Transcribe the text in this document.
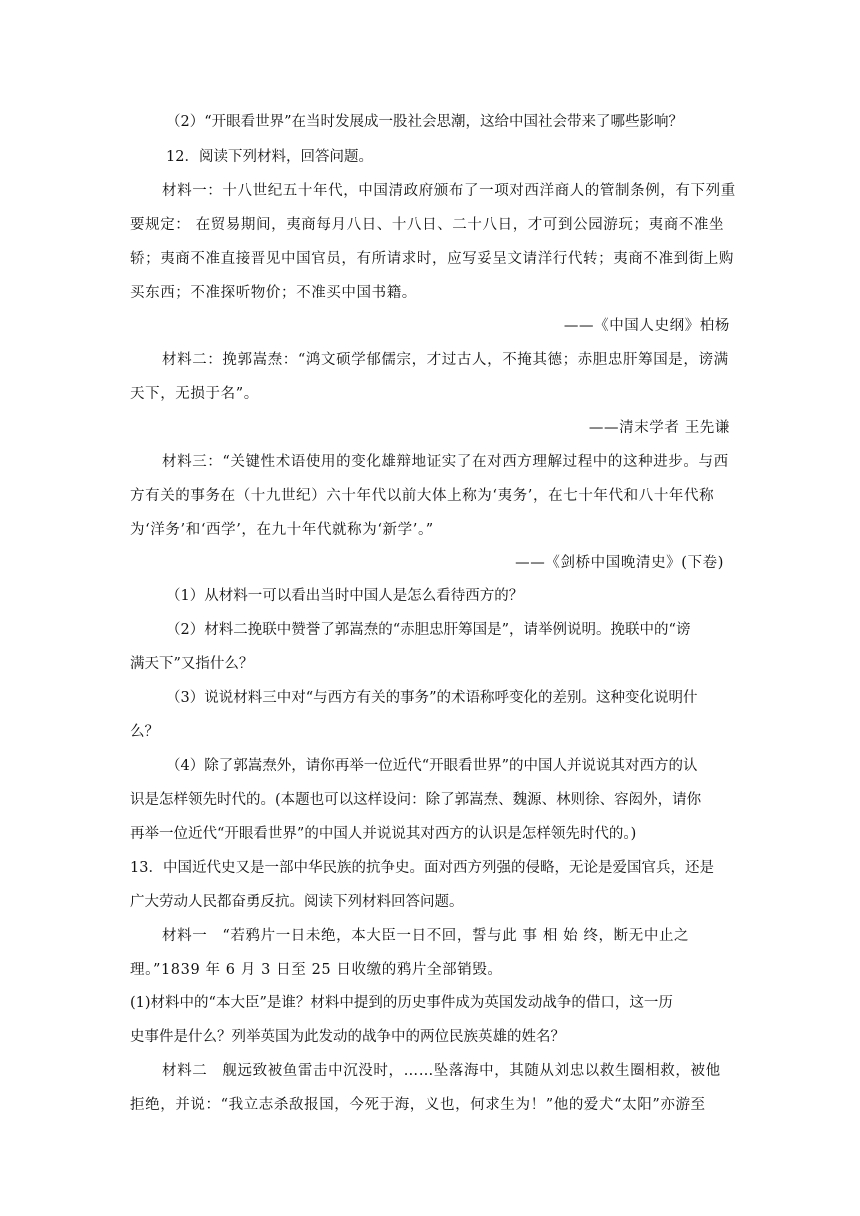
（2）“开眼看世界”在当时发展成一股社会思潮，这给中国社会带来了哪些影响？
12．阅读下列材料，回答问题。
材料一：十八世纪五十年代，中国清政府颁布了一项对西洋商人的管制条例，有下列重
要规定： 在贸易期间，夷商每月八日、十八日、二十八日，才可到公园游玩；夷商不准坐
轿；夷商不准直接晋见中国官员，有所请求时，应写妥呈文请洋行代转；夷商不准到街上购
买东西；不准探听物价；不准买中国书籍。
——《中国人史纲》柏杨
材料二：挽郭嵩焘：“鸿文硕学郁儒宗，才过古人，不掩其德；赤胆忠肝筹国是，谤满
天下，无损于名”。
——清末学者 王先谦
材料三：“关键性术语使用的变化雄辩地证实了在对西方理解过程中的这种进步。与西
方有关的事务在（十九世纪）六十年代以前大体上称为‘夷务’，在七十年代和八十年代称
为‘洋务’和‘西学’，在九十年代就称为‘新学’。”
——《剑桥中国晚清史》(下卷)
（1）从材料一可以看出当时中国人是怎么看待西方的？
（2）材料二挽联中赞誉了郭嵩焘的“赤胆忠肝筹国是”，请举例说明。挽联中的“谤
满天下”又指什么？
（3）说说材料三中对“与西方有关的事务”的术语称呼变化的差别。这种变化说明什
么？
（4）除了郭嵩焘外，请你再举一位近代“开眼看世界”的中国人并说说其对西方的认
识是怎样领先时代的。(本题也可以这样设问：除了郭嵩焘、魏源、林则徐、容闳外，请你
再举一位近代“开眼看世界”的中国人并说说其对西方的认识是怎样领先时代的。)
13．中国近代史又是一部中华民族的抗争史。面对西方列强的侵略，无论是爱国官兵，还是
广大劳动人民都奋勇反抗。阅读下列材料回答问题。
材料一　“若鸦片一日未绝，本大臣一日不回，誓与此 事 相 始 终，断无中止之
理。”1839 年 6 月 3 日至 25 日收缴的鸦片全部销毁。
(1)材料中的“本大臣”是谁？材料中提到的历史事件成为英国发动战争的借口，这一历
史事件是什么？列举英国为此发动的战争中的两位民族英雄的姓名？
材料二　舰远致被鱼雷击中沉没时，……坠落海中，其随从刘忠以救生圈相救，被他
拒绝，并说：“我立志杀敌报国，今死于海，义也，何求生为！”他的爱犬“太阳”亦游至
